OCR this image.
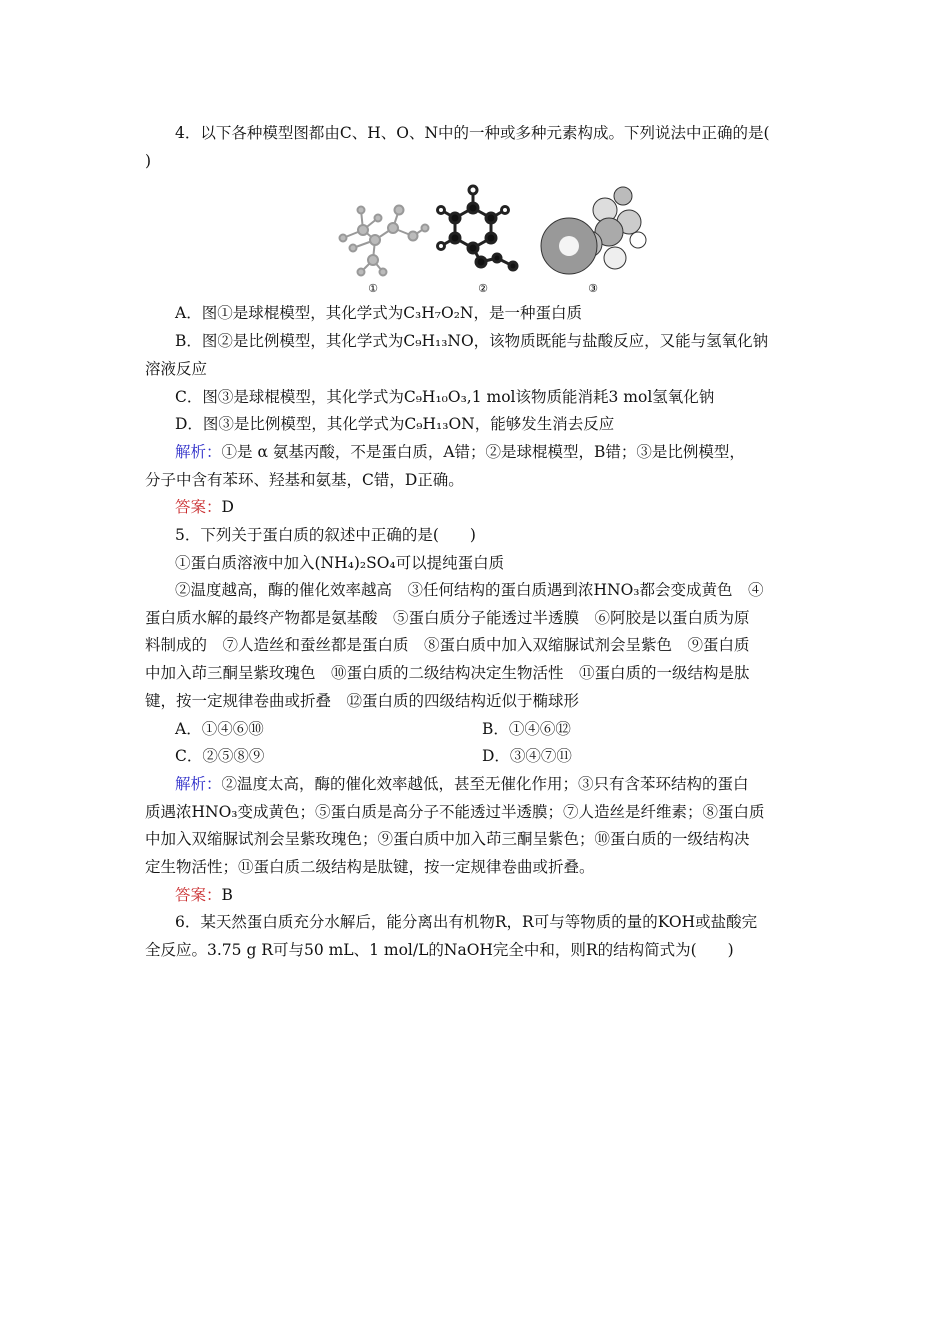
4．以下各种模型图都由C、H、O、N中的一种或多种元素构成。下列说法中正确的是(
)
①	②	③
A．图①是球棍模型，其化学式为C₃H₇O₂N，是一种蛋白质
B．图②是比例模型，其化学式为C₉H₁₃NO，该物质既能与盐酸反应，又能与氢氧化钠
溶液反应
C．图③是球棍模型，其化学式为C₉H₁₀O₃,1 mol该物质能消耗3 mol氢氧化钠
D．图③是比例模型，其化学式为C₉H₁₃ON，能够发生消去反应
解析：①是 α 氨基丙酸，不是蛋白质，A错；②是球棍模型，B错；③是比例模型，
分子中含有苯环、羟基和氨基，C错，D正确。
答案：D
5．下列关于蛋白质的叙述中正确的是(　　)
①蛋白质溶液中加入(NH₄)₂SO₄可以提纯蛋白质
②温度越高，酶的催化效率越高　③任何结构的蛋白质遇到浓HNO₃都会变成黄色　④
蛋白质水解的最终产物都是氨基酸　⑤蛋白质分子能透过半透膜　⑥阿胶是以蛋白质为原
料制成的　⑦人造丝和蚕丝都是蛋白质　⑧蛋白质中加入双缩脲试剂会呈紫色　⑨蛋白质
中加入茚三酮呈紫玫瑰色　⑩蛋白质的二级结构决定生物活性　⑪蛋白质的一级结构是肽
键，按一定规律卷曲或折叠　⑫蛋白质的四级结构近似于椭球形
A．①④⑥⑩	B．①④⑥⑫
C．②⑤⑧⑨	D．③④⑦⑪
解析：②温度太高，酶的催化效率越低，甚至无催化作用；③只有含苯环结构的蛋白
质遇浓HNO₃变成黄色；⑤蛋白质是高分子不能透过半透膜；⑦人造丝是纤维素；⑧蛋白质
中加入双缩脲试剂会呈紫玫瑰色；⑨蛋白质中加入茚三酮呈紫色；⑩蛋白质的一级结构决
定生物活性；⑪蛋白质二级结构是肽键，按一定规律卷曲或折叠。
答案：B
6．某天然蛋白质充分水解后，能分离出有机物R，R可与等物质的量的KOH或盐酸完
全反应。3.75 g R可与50 mL、1 mol/L的NaOH完全中和，则R的结构简式为(　　)
